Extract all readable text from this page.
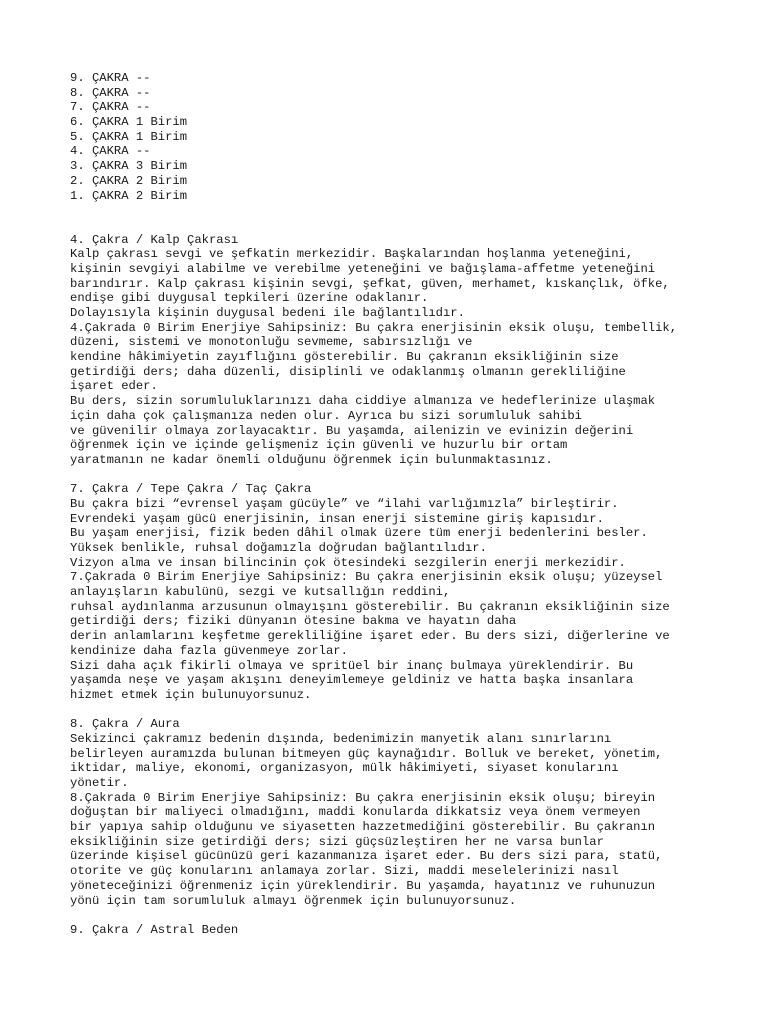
9. ÇAKRA --
8. ÇAKRA --
7. ÇAKRA --
6. ÇAKRA 1 Birim
5. ÇAKRA 1 Birim
4. ÇAKRA --
3. ÇAKRA 3 Birim
2. ÇAKRA 2 Birim
1. ÇAKRA 2 Birim
4. Çakra / Kalp Çakrası
Kalp çakrası sevgi ve şefkatin merkezidir. Başkalarından hoşlanma yeteneğini,
kişinin sevgiyi alabilme ve verebilme yeteneğini ve bağışlama-affetme yeteneğini
barındırır. Kalp çakrası kişinin sevgi, şefkat, güven, merhamet, kıskançlık, öfke,
endişe gibi duygusal tepkileri üzerine odaklanır.
Dolayısıyla kişinin duygusal bedeni ile bağlantılıdır.
4.Çakrada 0 Birim Enerjiye Sahipsiniz: Bu çakra enerjisinin eksik oluşu, tembellik,
düzeni, sistemi ve monotonluğu sevmeme, sabırsızlığı ve
kendine hâkimiyetin zayıflığını gösterebilir. Bu çakranın eksikliğinin size
getirdiği ders; daha düzenli, disiplinli ve odaklanmış olmanın gerekliliğine
işaret eder.
Bu ders, sizin sorumluluklarınızı daha ciddiye almanıza ve hedeflerinize ulaşmak
için daha çok çalışmanıza neden olur. Ayrıca bu sizi sorumluluk sahibi
ve güvenilir olmaya zorlayacaktır. Bu yaşamda, ailenizin ve evinizin değerini
öğrenmek için ve içinde gelişmeniz için güvenli ve huzurlu bir ortam
yaratmanın ne kadar önemli olduğunu öğrenmek için bulunmaktasınız.
7. Çakra / Tepe Çakra / Taç Çakra
Bu çakra bizi “evrensel yaşam gücüyle” ve “ilahi varlığımızla” birleştirir.
Evrendeki yaşam gücü enerjisinin, insan enerji sistemine giriş kapısıdır.
Bu yaşam enerjisi, fizik beden dâhil olmak üzere tüm enerji bedenlerini besler.
Yüksek benlikle, ruhsal doğamızla doğrudan bağlantılıdır.
Vizyon alma ve insan bilincinin çok ötesindeki sezgilerin enerji merkezidir.
7.Çakrada 0 Birim Enerjiye Sahipsiniz: Bu çakra enerjisinin eksik oluşu; yüzeysel
anlayışların kabulünü, sezgi ve kutsallığın reddini,
ruhsal aydınlanma arzusunun olmayışını gösterebilir. Bu çakranın eksikliğinin size
getirdiği ders; fiziki dünyanın ötesine bakma ve hayatın daha
derin anlamlarını keşfetme gerekliliğine işaret eder. Bu ders sizi, diğerlerine ve
kendinize daha fazla güvenmeye zorlar.
Sizi daha açık fikirli olmaya ve spritüel bir inanç bulmaya yüreklendirir. Bu
yaşamda neşe ve yaşam akışını deneyimlemeye geldiniz ve hatta başka insanlara
hizmet etmek için bulunuyorsunuz.
8. Çakra / Aura
Sekizinci çakramız bedenin dışında, bedenimizin manyetik alanı sınırlarını
belirleyen auramızda bulunan bitmeyen güç kaynağıdır. Bolluk ve bereket, yönetim,
iktidar, maliye, ekonomi, organizasyon, mülk hâkimiyeti, siyaset konularını
yönetir.
8.Çakrada 0 Birim Enerjiye Sahipsiniz: Bu çakra enerjisinin eksik oluşu; bireyin
doğuştan bir maliyeci olmadığını, maddi konularda dikkatsiz veya önem vermeyen
bir yapıya sahip olduğunu ve siyasetten hazzetmediğini gösterebilir. Bu çakranın
eksikliğinin size getirdiği ders; sizi güçsüzleştiren her ne varsa bunlar
üzerinde kişisel gücünüzü geri kazanmanıza işaret eder. Bu ders sizi para, statü,
otorite ve güç konularını anlamaya zorlar. Sizi, maddi meselelerinizi nasıl
yöneteceğinizi öğrenmeniz için yüreklendirir. Bu yaşamda, hayatınız ve ruhunuzun
yönü için tam sorumluluk almayı öğrenmek için bulunuyorsunuz.
9. Çakra / Astral Beden
